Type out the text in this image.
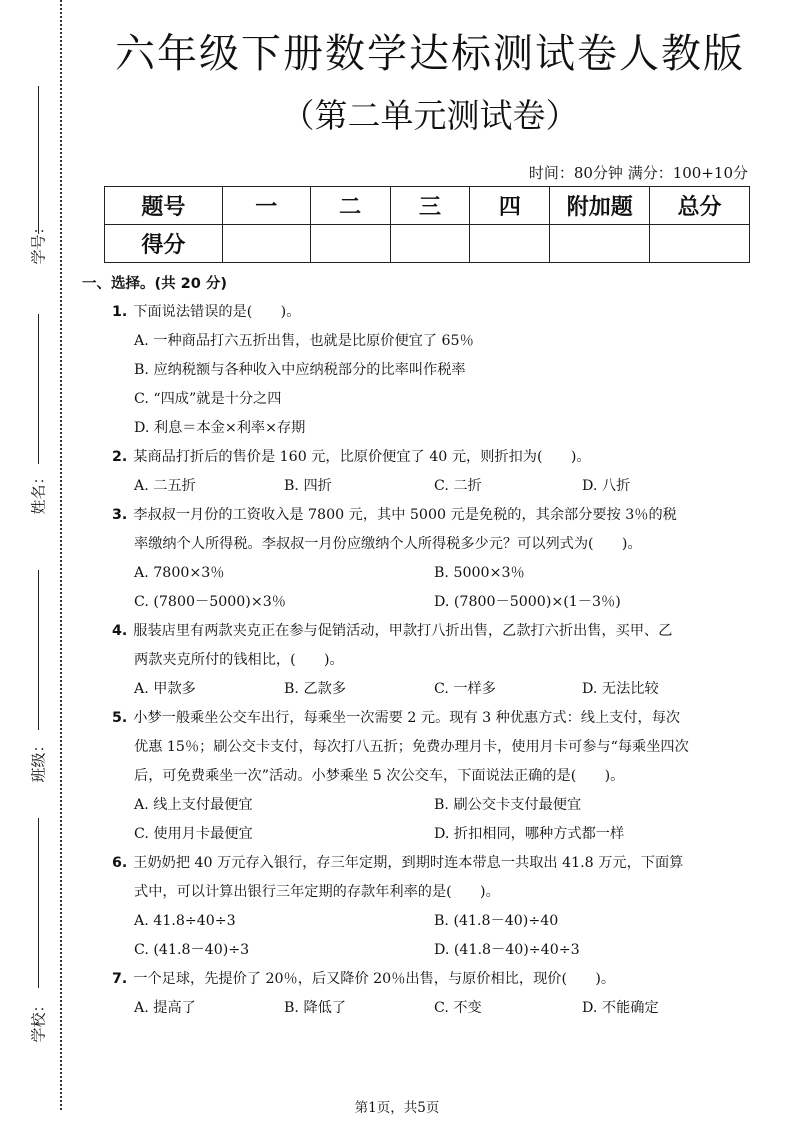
学号：
姓名：
班级：
学校：
六年级下册数学达标测试卷人教版
（第二单元测试卷）
时间：80分钟 满分：100+10分
题号	一	二	三	四	附加题	总分
得分						
一、选择。(共 20 分)
1. 下面说法错误的是(　　)。
A. 一种商品打六五折出售，也就是比原价便宜了 65％
B. 应纳税额与各种收入中应纳税部分的比率叫作税率
C. “四成”就是十分之四
D. 利息＝本金×利率×存期
2. 某商品打折后的售价是 160 元，比原价便宜了 40 元，则折扣为(　　)。
A. 二五折	B. 四折	C. 二折	D. 八折
3. 李叔叔一月份的工资收入是 7800 元，其中 5000 元是免税的，其余部分要按 3％的税
率缴纳个人所得税。李叔叔一月份应缴纳个人所得税多少元？可以列式为(　　)。
A. 7800×3％	B. 5000×3％
C. (7800－5000)×3％	D. (7800－5000)×(1－3％)
4. 服装店里有两款夹克正在参与促销活动，甲款打八折出售，乙款打六折出售，买甲、乙
两款夹克所付的钱相比，(　　)。
A. 甲款多	B. 乙款多	C. 一样多	D. 无法比较
5. 小梦一般乘坐公交车出行，每乘坐一次需要 2 元。现有 3 种优惠方式：线上支付，每次
优惠 15％；刷公交卡支付，每次打八五折；免费办理月卡，使用月卡可参与“每乘坐四次
后，可免费乘坐一次”活动。小梦乘坐 5 次公交车，下面说法正确的是(　　)。
A. 线上支付最便宜	B. 刷公交卡支付最便宜
C. 使用月卡最便宜	D. 折扣相同，哪种方式都一样
6. 王奶奶把 40 万元存入银行，存三年定期，到期时连本带息一共取出 41.8 万元，下面算
式中，可以计算出银行三年定期的存款年利率的是(　　)。
A. 41.8÷40÷3	B. (41.8－40)÷40
C. (41.8－40)÷3	D. (41.8－40)÷40÷3
7. 一个足球，先提价了 20％，后又降价 20％出售，与原价相比，现价(　　)。
A. 提高了	B. 降低了	C. 不变	D. 不能确定
第1页，共5页
